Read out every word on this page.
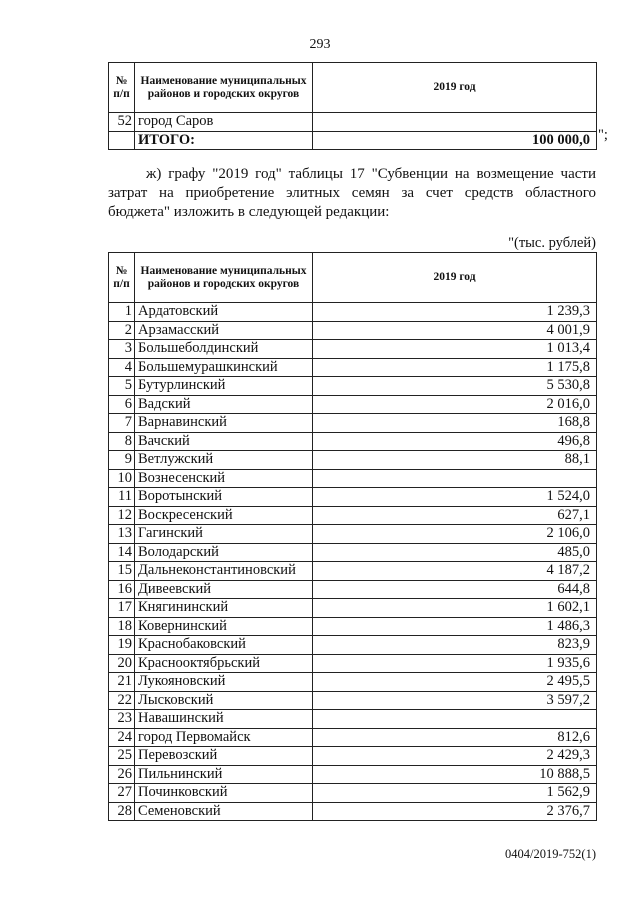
293
№ п/п	Наименование муниципальных районов и городских округов	2019 год
52	город Саров	
	ИТОГО:	100 000,0 ";
ж) графу "2019 год" таблицы 17 "Субвенции на возмещение части
затрат на приобретение элитных семян за счет средств областного
бюджета" изложить в следующей редакции:
"(тыс. рублей)
№ п/п	Наименование муниципальных районов и городских округов	2019 год
1	Ардатовский	1 239,3
2	Арзамасский	4 001,9
3	Большеболдинский	1 013,4
4	Большемурашкинский	1 175,8
5	Бутурлинский	5 530,8
6	Вадский	2 016,0
7	Варнавинский	168,8
8	Вачский	496,8
9	Ветлужский	88,1
10	Вознесенский	
11	Воротынский	1 524,0
12	Воскресенский	627,1
13	Гагинский	2 106,0
14	Володарский	485,0
15	Дальнеконстантиновский	4 187,2
16	Дивеевский	644,8
17	Княгининский	1 602,1
18	Ковернинский	1 486,3
19	Краснобаковский	823,9
20	Краснооктябрьский	1 935,6
21	Лукояновский	2 495,5
22	Лысковский	3 597,2
23	Навашинский	
24	город Первомайск	812,6
25	Перевозский	2 429,3
26	Пильнинский	10 888,5
27	Починковский	1 562,9
28	Семеновский	2 376,7
0404/2019-752(1)
